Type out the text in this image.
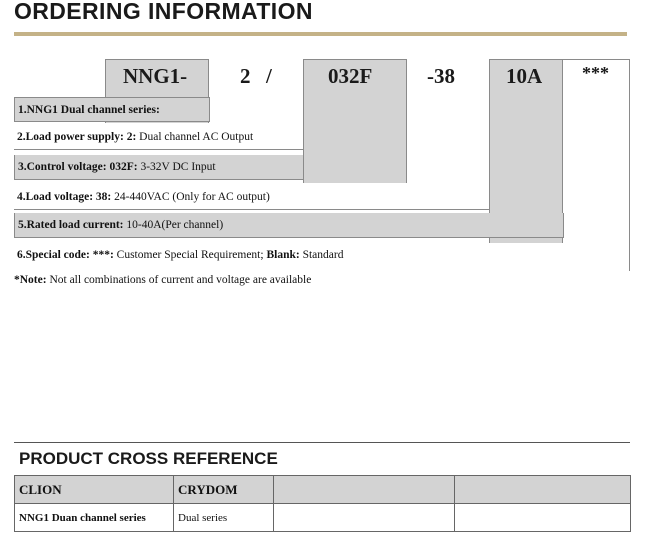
ORDERING INFORMATION
NNG1-	2 /	032F	-38 10A ***
1.NNG1 Dual channel series:
2.Load power supply: 2: Dual channel AC Output
3.Control voltage: 032F: 3-32V DC Input
4.Load voltage: 38: 24-440VAC (Only for AC output)
5.Rated load current: 10-40A(Per channel)
6.Special code: ***: Customer Special Requirement; Blank: Standard
*Note: Not all combinations of current and voltage are available
PRODUCT CROSS REFERENCE
CLION	CRYDOM		
NNG1 Duan channel series	Dual series		
